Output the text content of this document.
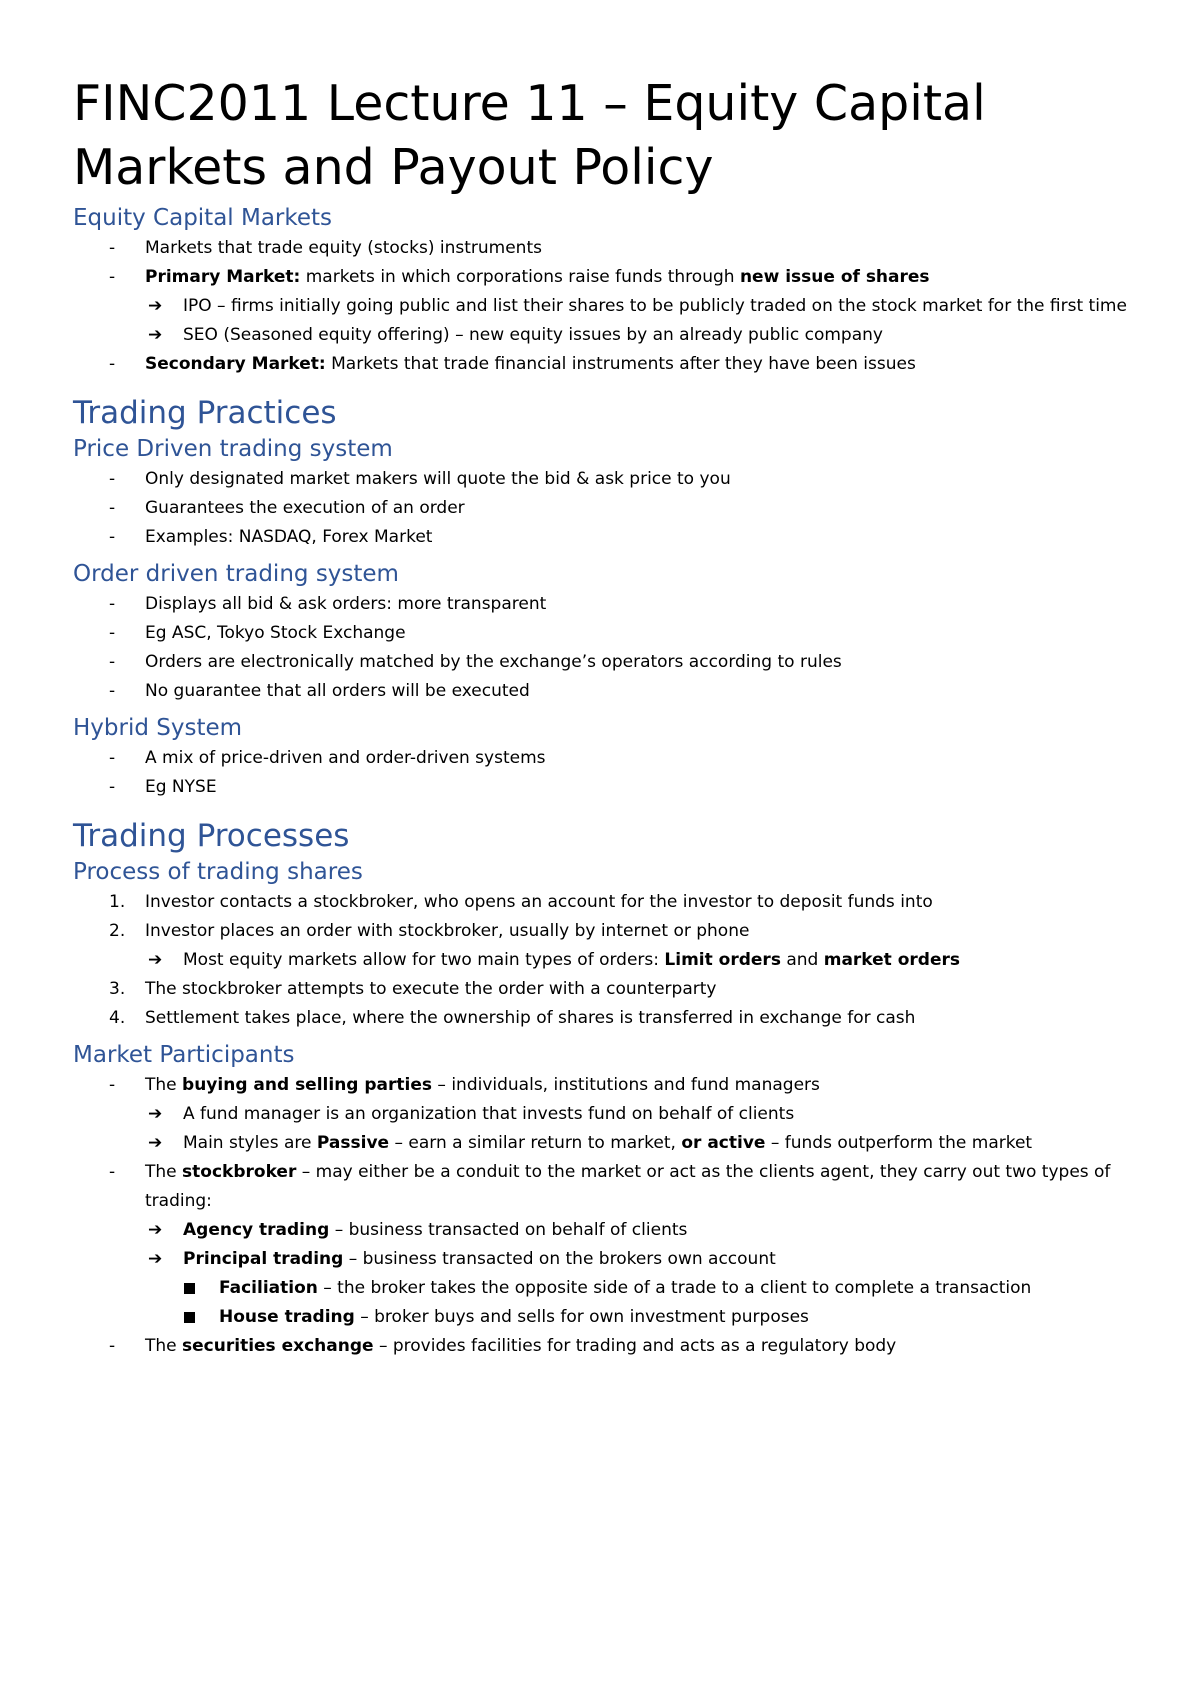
FINC2011 Lecture 11 – Equity Capital Markets and Payout Policy
Equity Capital Markets
-	Markets that trade equity (stocks) instruments
-	Primary Market: markets in which corporations raise funds through new issue of shares
➔	IPO – firms initially going public and list their shares to be publicly traded on the stock market for the first time
➔	SEO (Seasoned equity offering) – new equity issues by an already public company
-	Secondary Market: Markets that trade financial instruments after they have been issues
Trading Practices
Price Driven trading system
-	Only designated market makers will quote the bid & ask price to you
-	Guarantees the execution of an order
-	Examples: NASDAQ, Forex Market
Order driven trading system
-	Displays all bid & ask orders: more transparent
-	Eg ASC, Tokyo Stock Exchange
-	Orders are electronically matched by the exchange’s operators according to rules
-	No guarantee that all orders will be executed
Hybrid System
-	A mix of price-driven and order-driven systems
-	Eg NYSE
Trading Processes
Process of trading shares
1.	Investor contacts a stockbroker, who opens an account for the investor to deposit funds into
2.	Investor places an order with stockbroker, usually by internet or phone
➔	Most equity markets allow for two main types of orders: Limit orders and market orders
3.	The stockbroker attempts to execute the order with a counterparty
4.	Settlement takes place, where the ownership of shares is transferred in exchange for cash
Market Participants
-	The buying and selling parties – individuals, institutions and fund managers
➔	A fund manager is an organization that invests fund on behalf of clients
➔	Main styles are Passive – earn a similar return to market, or active – funds outperform the market
-	The stockbroker – may either be a conduit to the market or act as the clients agent, they carry out two types of trading:
➔	Agency trading – business transacted on behalf of clients
➔	Principal trading – business transacted on the brokers own account
Faciliation – the broker takes the opposite side of a trade to a client to complete a transaction
House trading – broker buys and sells for own investment purposes
-	The securities exchange – provides facilities for trading and acts as a regulatory body
